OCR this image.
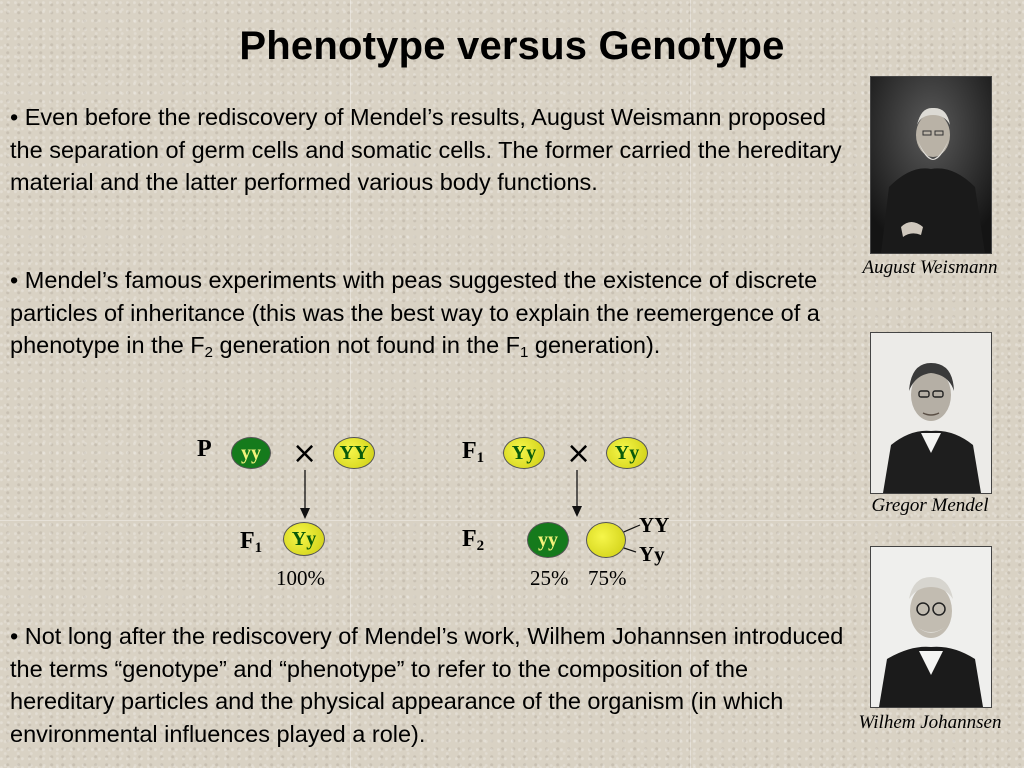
Phenotype versus Genotype
• Even before the rediscovery of Mendel’s results, August Weismann proposed the separation of germ cells and somatic cells. The former carried the hereditary material and the latter performed various body functions.
• Mendel’s famous experiments with peas suggested the existence of discrete particles of inheritance (this was the best way to explain the reemergence of a phenotype in the $F_2$ generation not found in the $F_1$ generation).
• Not long after the rediscovery of Mendel’s work, Wilhem Johannsen introduced the terms “genotype” and “phenotype” to refer to the composition of the hereditary particles and the physical appearance of the organism (in which environmental influences played a role).
August Weismann
Gregor Mendel
Wilhem Johannsen
P	yy	×	YY
$F_1$	Yy
100%
$F_1$	Yy ×	Yy
$F_2$	yy
YY
Yy
25% 75%
